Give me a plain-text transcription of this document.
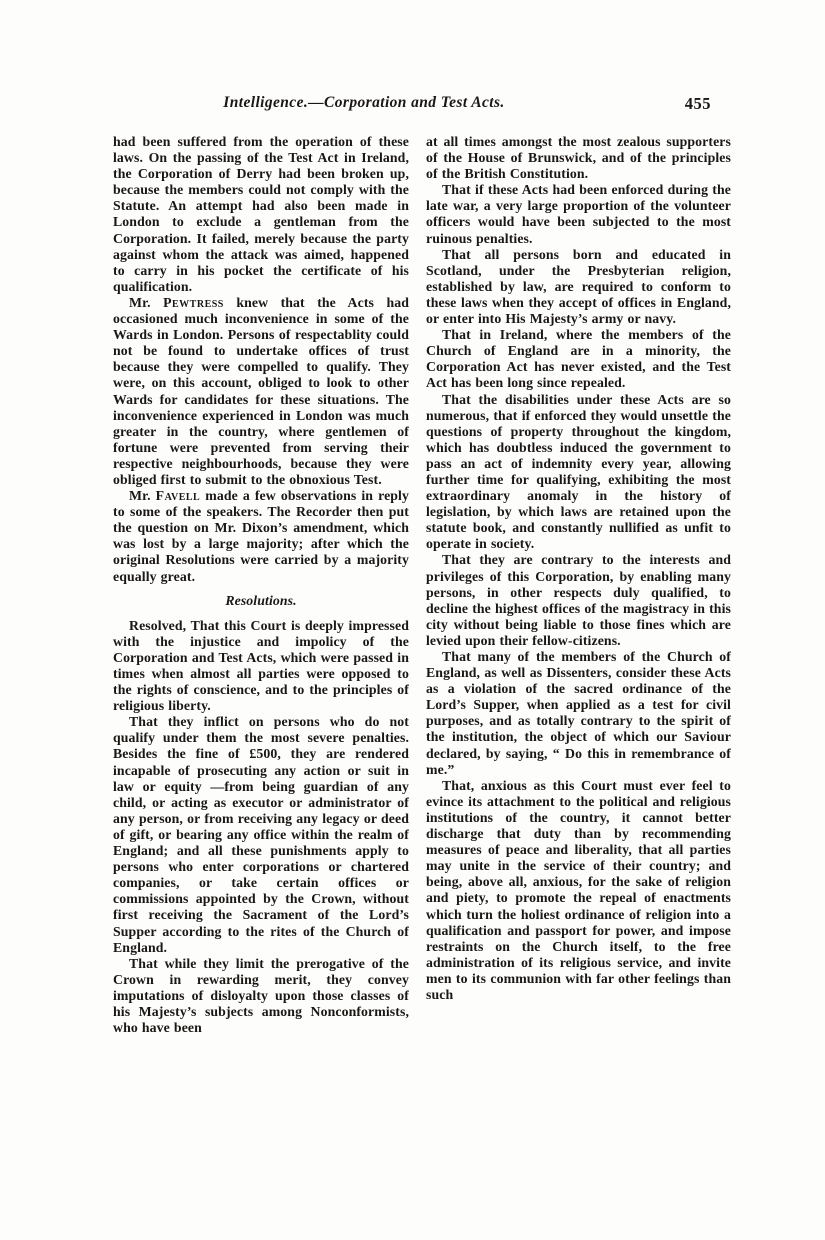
Intelligence.—Corporation and Test Acts.	455

had been suffered from the operation of these laws. On the passing of the Test Act in Ireland, the Corporation of Derry had been broken up, because the members could not comply with the Statute. An attempt had also been made in London to exclude a gentleman from the Corporation. It failed, merely because the party against whom the attack was aimed, happened to carry in his pocket the certificate of his qualification.

Mr. Pewtress knew that the Acts had occasioned much inconvenience in some of the Wards in London. Persons of respectablity could not be found to undertake offices of trust because they were compelled to qualify. They were, on this account, obliged to look to other Wards for candidates for these situations. The inconvenience experienced in London was much greater in the country, where gentlemen of fortune were prevented from serving their respective neighbourhoods, because they were obliged first to submit to the obnoxious Test.

Mr. Favell made a few observations in reply to some of the speakers. The Recorder then put the question on Mr. Dixon’s amendment, which was lost by a large majority; after which the original Resolutions were carried by a majority equally great.

Resolutions.

Resolved, That this Court is deeply impressed with the injustice and impolicy of the Corporation and Test Acts, which were passed in times when almost all parties were opposed to the rights of conscience, and to the principles of religious liberty.

That they inflict on persons who do not qualify under them the most severe penalties. Besides the fine of £500, they are rendered incapable of prosecuting any action or suit in law or equity —from being guardian of any child, or acting as executor or administrator of any person, or from receiving any legacy or deed of gift, or bearing any office within the realm of England; and all these punishments apply to persons who enter corporations or chartered companies, or take certain offices or commissions appointed by the Crown, without first receiving the Sacrament of the Lord’s Supper according to the rites of the Church of England.

That while they limit the prerogative of the Crown in rewarding merit, they convey imputations of disloyalty upon those classes of his Majesty’s subjects among Nonconformists, who have been

at all times amongst the most zealous supporters of the House of Brunswick, and of the principles of the British Constitution.

That if these Acts had been enforced during the late war, a very large proportion of the volunteer officers would have been subjected to the most ruinous penalties.

That all persons born and educated in Scotland, under the Presbyterian religion, established by law, are required to conform to these laws when they accept of offices in England, or enter into His Majesty’s army or navy.

That in Ireland, where the members of the Church of England are in a minority, the Corporation Act has never existed, and the Test Act has been long since repealed.

That the disabilities under these Acts are so numerous, that if enforced they would unsettle the questions of property throughout the kingdom, which has doubtless induced the government to pass an act of indemnity every year, allowing further time for qualifying, exhibiting the most extraordinary anomaly in the history of legislation, by which laws are retained upon the statute book, and constantly nullified as unfit to operate in society.

That they are contrary to the interests and privileges of this Corporation, by enabling many persons, in other respects duly qualified, to decline the highest offices of the magistracy in this city without being liable to those fines which are levied upon their fellow-citizens.

That many of the members of the Church of England, as well as Dissenters, consider these Acts as a violation of the sacred ordinance of the Lord’s Supper, when applied as a test for civil purposes, and as totally contrary to the spirit of the institution, the object of which our Saviour declared, by saying, “ Do this in remembrance of me.”

That, anxious as this Court must ever feel to evince its attachment to the political and religious institutions of the country, it cannot better discharge that duty than by recommending measures of peace and liberality, that all parties may unite in the service of their country; and being, above all, anxious, for the sake of religion and piety, to promote the repeal of enactments which turn the holiest ordinance of religion into a qualification and passport for power, and impose restraints on the Church itself, to the free administration of its religious service, and invite men to its communion with far other feelings than such
